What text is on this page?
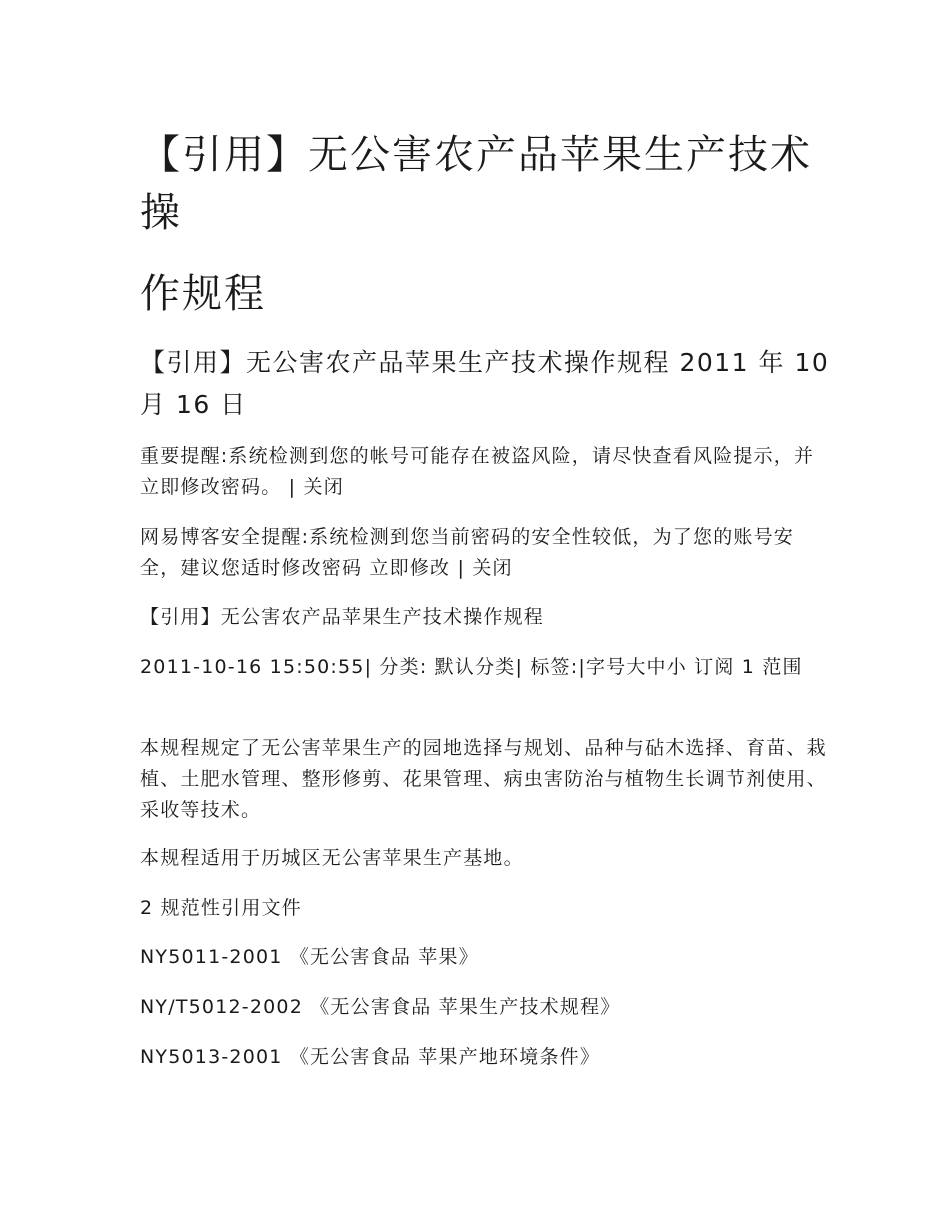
【引用】无公害农产品苹果生产技术操
作规程
【引用】无公害农产品苹果生产技术操作规程 2011 年 10 月 16 日

重要提醒:系统检测到您的帐号可能存在被盗风险，请尽快查看风险提示，并立即修改密码。 | 关闭

网易博客安全提醒:系统检测到您当前密码的安全性较低，为了您的账号安全，建议您适时修改密码 立即修改 | 关闭

【引用】无公害农产品苹果生产技术操作规程

2011-10-16 15:50:55| 分类: 默认分类| 标签:|字号大中小 订阅 1 范围

本规程规定了无公害苹果生产的园地选择与规划、品种与砧木选择、育苗、栽植、土肥水管理、整形修剪、花果管理、病虫害防治与植物生长调节剂使用、采收等技术。

本规程适用于历城区无公害苹果生产基地。

2 规范性引用文件

NY5011-2001 《无公害食品 苹果》

NY/T5012-2002 《无公害食品 苹果生产技术规程》

NY5013-2001 《无公害食品 苹果产地环境条件》
